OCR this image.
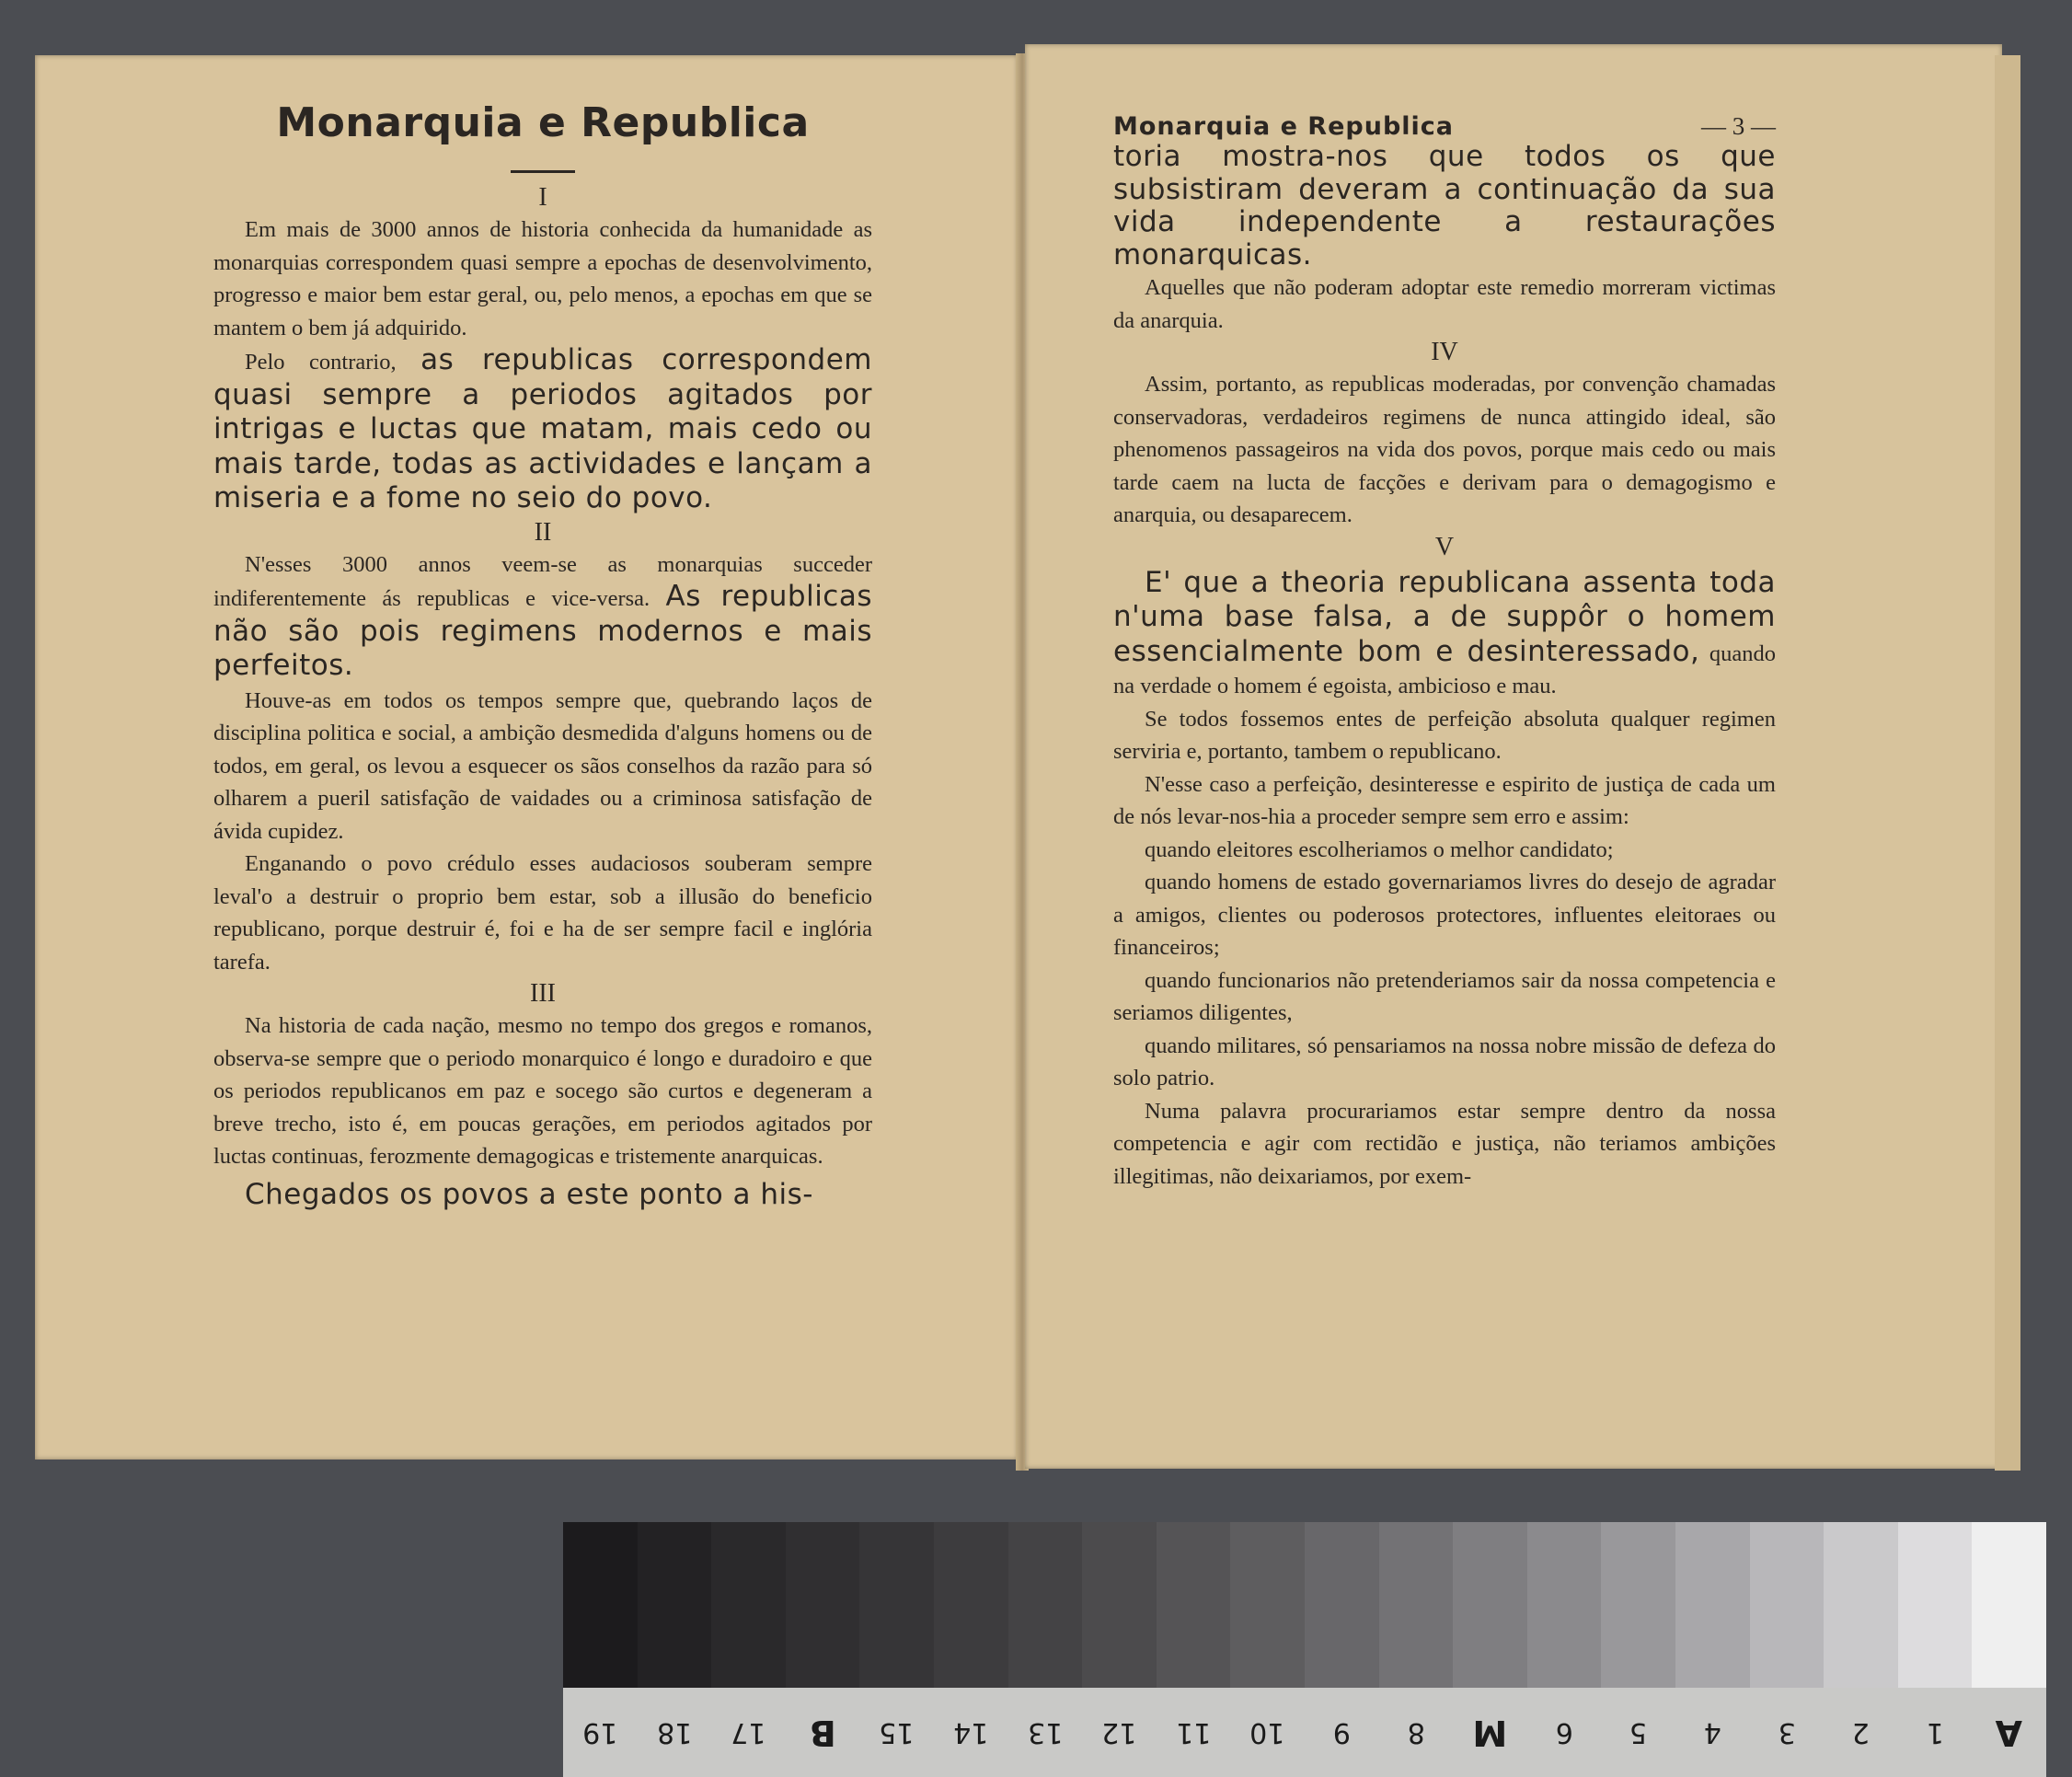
Monarquia e Republica

I

Em mais de 3000 annos de historia conhecida da humanidade as monarquias correspondem quasi sempre a epochas de desenvolvimento, progresso e maior bem estar geral, ou, pelo menos, a epochas em que se mantem o bem já adquirido.

Pelo contrario, as republicas correspondem quasi sempre a periodos agitados por intrigas e luctas que matam, mais cedo ou mais tarde, todas as actividades e lançam a miseria e a fome no seio do povo.

II

N'esses 3000 annos veem-se as monarquias succeder indiferentemente ás republicas e vice-versa. As republicas não são pois regimens modernos e mais perfeitos.

Houve-as em todos os tempos sempre que, quebrando laços de disciplina politica e social, a ambição desmedida d'alguns homens ou de todos, em geral, os levou a esquecer os sãos conselhos da razão para só olharem a pueril satisfação de vaidades ou a criminosa satisfação de ávida cupidez.

Enganando o povo crédulo esses audaciosos souberam sempre leval'o a destruir o proprio bem estar, sob a illusão do beneficio republicano, porque destruir é, foi e ha de ser sempre facil e inglória tarefa.

III

Na historia de cada nação, mesmo no tempo dos gregos e romanos, observa-se sempre que o periodo monarquico é longo e duradoiro e que os periodos republicanos em paz e socego são curtos e degeneram a breve trecho, isto é, em poucas gerações, em periodos agitados por luctas continuas, ferozmente demagogicas e tristemente anarquicas.

Chegados os povos a este ponto a his-

Monarquia e Republica	— 3 —

toria mostra-nos que todos os que subsistiram deveram a continuação da sua vida independente a restaurações monarquicas.

Aquelles que não poderam adoptar este remedio morreram victimas da anarquia.

IV

Assim, portanto, as republicas moderadas, por convenção chamadas conservadoras, verdadeiros regimens de nunca attingido ideal, são phenomenos passageiros na vida dos povos, porque mais cedo ou mais tarde caem na lucta de facções e derivam para o demagogismo e anarquia, ou desaparecem.

V

E' que a theoria republicana assenta toda n'uma base falsa, a de suppôr o homem essencialmente bom e desinteressado, quando na verdade o homem é egoista, ambicioso e mau.

Se todos fossemos entes de perfeição absoluta qualquer regimen serviria e, portanto, tambem o republicano.

N'esse caso a perfeição, desinteresse e espirito de justiça de cada um de nós levar-nos-hia a proceder sempre sem erro e assim:

quando eleitores escolheriamos o melhor candidato;

quando homens de estado governariamos livres do desejo de agradar a amigos, clientes ou poderosos protectores, influentes eleitoraes ou financeiros;

quando funcionarios não pretenderiamos sair da nossa competencia e seriamos diligentes,

quando militares, só pensariamos na nossa nobre missão de defeza do solo patrio.

Numa palavra procurariamos estar sempre dentro da nossa competencia e agir com rectidão e justiça, não teriamos ambições illegitimas, não deixariamos, por exem-

19	18	17	B	15	14	13	12	11	10	9	8	M	6	5	4	3	2	1	A
